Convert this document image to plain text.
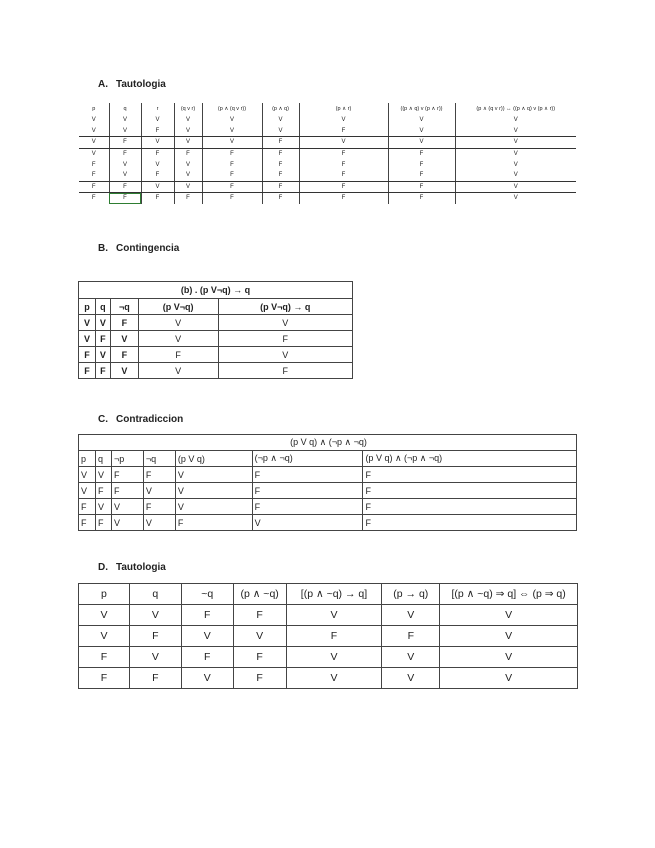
A. Tautologia
p	q	r	(q v r)	(p ∧ (q v r))	(p ∧ q)	(p ∧ r)	((p ∧ q) v (p ∧ r))	(p ∧ (q v r)) ↔ ((p ∧ q) v (p ∧ r))
V	V	V	V	V	V	V	V	V
V	V	F	V	V	V	F	V	V
V	F	V	V	V	F	V	V	V
V	F	F	F	F	F	F	F	V
F	V	V	V	F	F	F	F	V
F	V	F	V	F	F	F	F	V
F	F	V	V	F	F	F	F	V
F	F	F	F	F	F	F	F	V
B. Contingencia
(b) . (p V¬q) → q				
p	q	¬q	(p V¬q)	(p V¬q) → q
V	V	F	V	V
V	F	V	V	F
F	V	F	F	V
F	F	V	V	F
C. Contradiccion
(p V q) ∧ (¬p ∧ ¬q)						
p	q	¬p	¬q	(p V q)	(¬p ∧ ¬q)	(p V q) ∧ (¬p ∧ ¬q)
V	V	F	F	V	F	F
V	F	F	V	V	F	F
F	V	V	F	V	F	F
F	F	V	V	F	V	F
D. Tautologia
p	q	~q	(p ∧ ~q)	[(p ∧ ~q) → q]	(p → q)	[(p ∧ ~q) ⇒ q] ⇔ (p ⇒ q)
V	V	F	F	V	V	V
V	F	V	V	F	F	V
F	V	F	F	V	V	V
F	F	V	F	V	V	V
